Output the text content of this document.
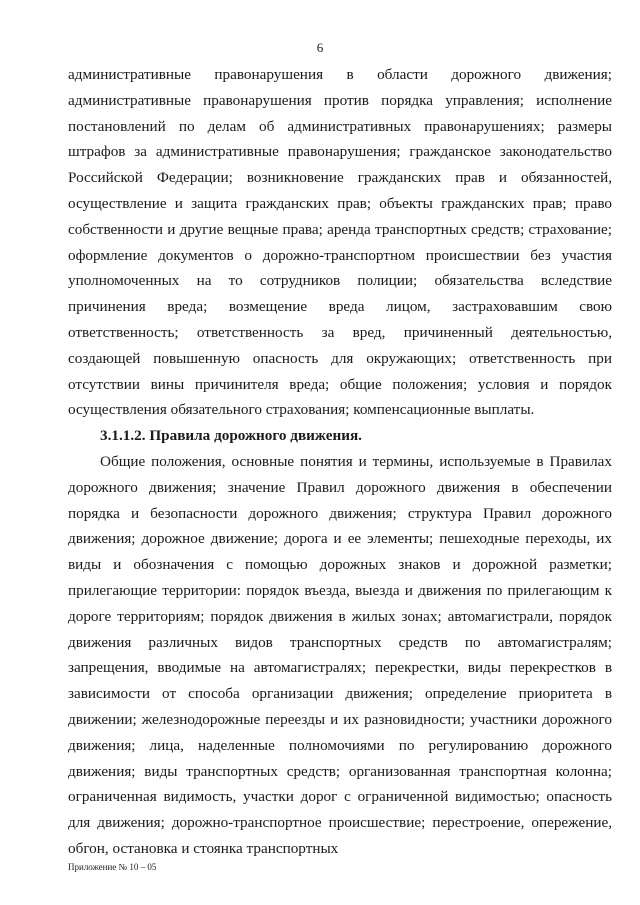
6

административные правонарушения в области дорожного движения; административные правонарушения против порядка управления; исполнение постановлений по делам об административных правонарушениях; размеры штрафов за административные правонарушения; гражданское законодательство Российской Федерации; возникновение гражданских прав и обязанностей, осуществление и защита гражданских прав; объекты гражданских прав; право собственности и другие вещные права; аренда транспортных средств; страхование; оформление документов о дорожно-транспортном происшествии без участия уполномоченных на то сотрудников полиции; обязательства вследствие причинения вреда; возмещение вреда лицом, застраховавшим свою ответственность; ответственность за вред, причиненный деятельностью, создающей повышенную опасность для окружающих; ответственность при отсутствии вины причинителя вреда; общие положения; условия и порядок осуществления обязательного страхования; компенсационные выплаты.

3.1.1.2. Правила дорожного движения.

Общие положения, основные понятия и термины, используемые в Правилах дорожного движения; значение Правил дорожного движения в обеспечении порядка и безопасности дорожного движения; структура Правил дорожного движения; дорожное движение; дорога и ее элементы; пешеходные переходы, их виды и обозначения с помощью дорожных знаков и дорожной разметки; прилегающие территории: порядок въезда, выезда и движения по прилегающим к дороге территориям; порядок движения в жилых зонах; автомагистрали, порядок движения различных видов транспортных средств по автомагистралям; запрещения, вводимые на автомагистралях; перекрестки, виды перекрестков в зависимости от способа организации движения; определение приоритета в движении; железнодорожные переезды и их разновидности; участники дорожного движения; лица, наделенные полномочиями по регулированию дорожного движения; виды транспортных средств; организованная транспортная колонна; ограниченная видимость, участки дорог с ограниченной видимостью; опасность для движения; дорожно-транспортное происшествие; перестроение, опережение, обгон, остановка и стоянка транспортных

Приложение № 10 – 05
